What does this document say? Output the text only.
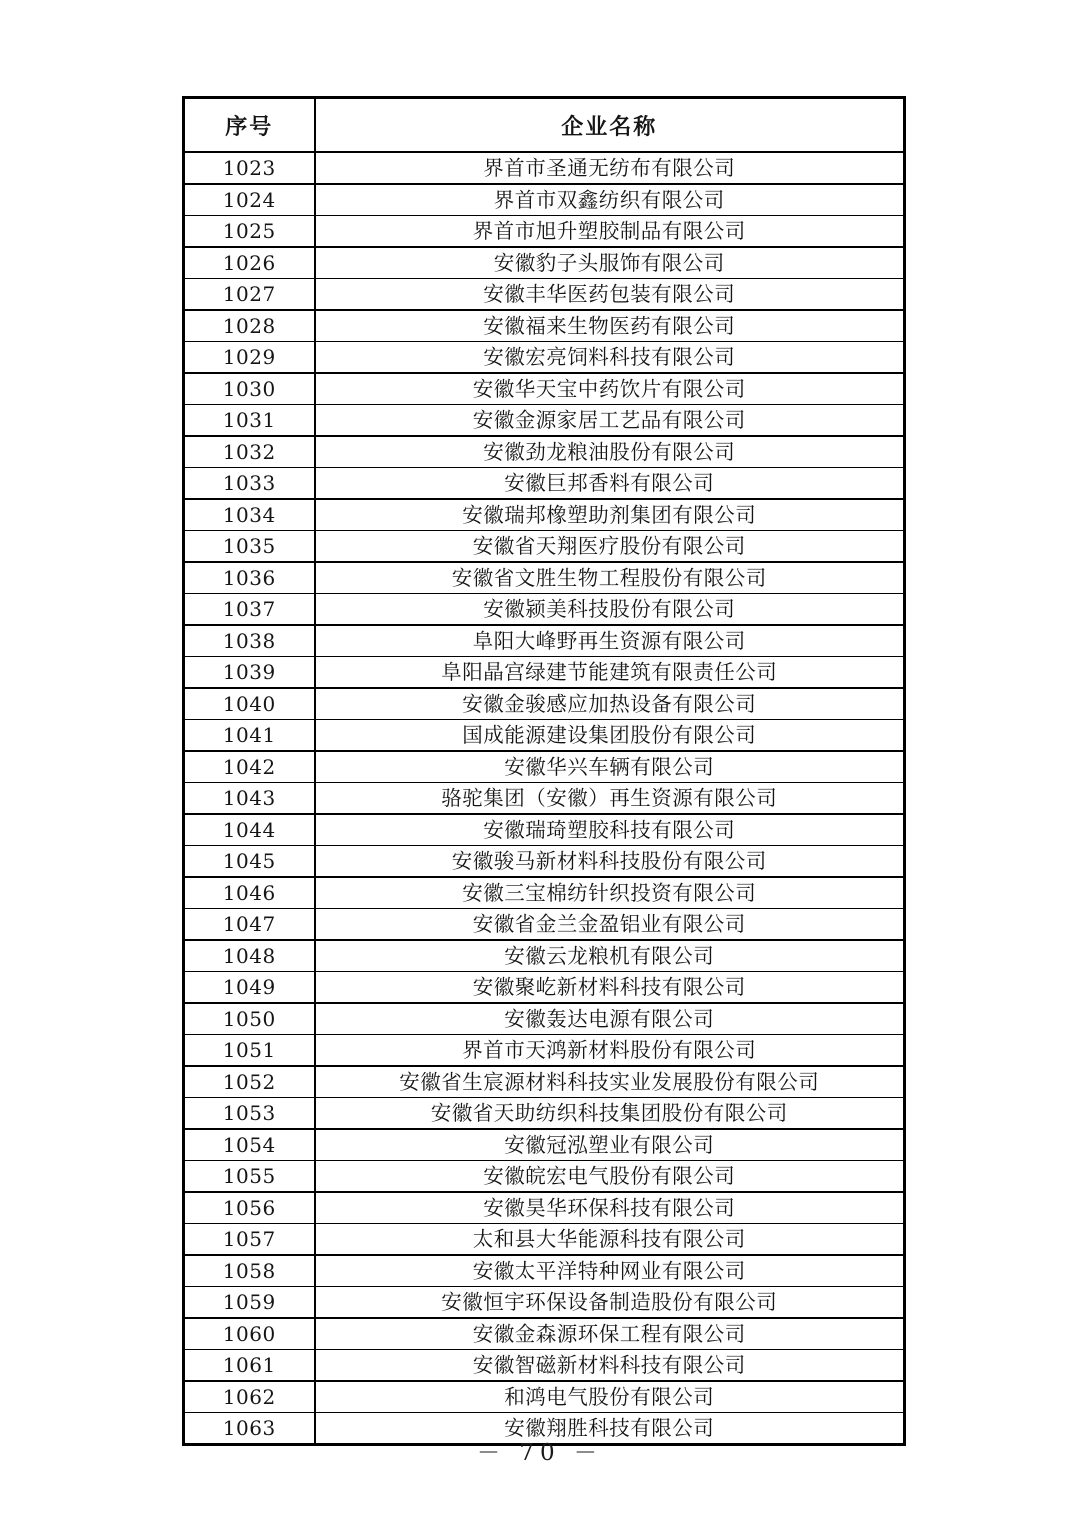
序号	企业名称
1023	界首市圣通无纺布有限公司
1024	界首市双鑫纺织有限公司
1025	界首市旭升塑胶制品有限公司
1026	安徽豹子头服饰有限公司
1027	安徽丰华医药包装有限公司
1028	安徽福来生物医药有限公司
1029	安徽宏亮饲料科技有限公司
1030	安徽华天宝中药饮片有限公司
1031	安徽金源家居工艺品有限公司
1032	安徽劲龙粮油股份有限公司
1033	安徽巨邦香料有限公司
1034	安徽瑞邦橡塑助剂集团有限公司
1035	安徽省天翔医疗股份有限公司
1036	安徽省文胜生物工程股份有限公司
1037	安徽颍美科技股份有限公司
1038	阜阳大峰野再生资源有限公司
1039	阜阳晶宫绿建节能建筑有限责任公司
1040	安徽金骏感应加热设备有限公司
1041	国成能源建设集团股份有限公司
1042	安徽华兴车辆有限公司
1043	骆驼集团（安徽）再生资源有限公司
1044	安徽瑞琦塑胶科技有限公司
1045	安徽骏马新材料科技股份有限公司
1046	安徽三宝棉纺针织投资有限公司
1047	安徽省金兰金盈铝业有限公司
1048	安徽云龙粮机有限公司
1049	安徽聚屹新材料科技有限公司
1050	安徽轰达电源有限公司
1051	界首市天鸿新材料股份有限公司
1052	安徽省生宸源材料科技实业发展股份有限公司
1053	安徽省天助纺织科技集团股份有限公司
1054	安徽冠泓塑业有限公司
1055	安徽皖宏电气股份有限公司
1056	安徽昊华环保科技有限公司
1057	太和县大华能源科技有限公司
1058	安徽太平洋特种网业有限公司
1059	安徽恒宇环保设备制造股份有限公司
1060	安徽金森源环保工程有限公司
1061	安徽智磁新材料科技有限公司
1062	和鸿电气股份有限公司
1063	安徽翔胜科技有限公司
－ 70 －
